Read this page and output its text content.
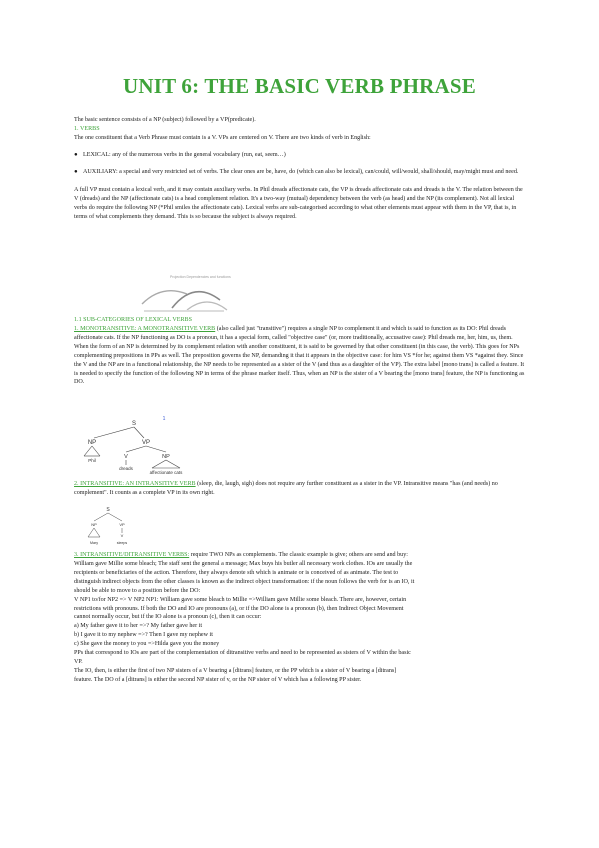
UNIT 6: THE BASIC VERB PHRASE

The basic sentence consists of a NP (subject) followed by a VP(predicate).

1. VERBS

The one constituent that a Verb Phrase must contain is a V. VPs are centered on V. There are two kinds of verb in English:

● LEXICAL: any of the numerous verbs in the general vocabulary (run, eat, seem…)

● AUXILIARY: a special and very restricted set of verbs. The clear ones are be, have, do (which can also be lexical), can/could, will/would, shall/should, may/might must and need.

A full VP must contain a lexical verb, and it may contain auxiliary verbs. In Phil dreads affectionate cats, the VP is dreads affectionate cats and dreads is the V. The relation between the V (dreads) and the NP (affectionate cats) is a head complement relation. It's a two-way (mutual) dependency between the verb (as head) and the NP (its complement). Not all lexical verbs do require the following NP (*Phil smiles the affectionate cats). Lexical verbs are sub-categorised according to what other elements must appear with them in the VP, that is, in terms of what complements they demand. This is so because the subject is always required.

Projection Dependencies and functions

1.1 SUB-CATEGORIES OF LEXICAL VERBS

1. MONOTRANSITIVE: A MONOTRANSITIVE VERB (also called just "transitive") requires a single NP to complement it and which is said to function as its DO: Phil dreads affectionate cats. If the NP functioning as DO is a pronoun, it has a special form, called "objective case" (or, more traditionally, accusative case): Phil dreads me, her, him, us, them. When the form of an NP is determined by its complement relation with another constituent, it is said to be governed by that other constituent (in this case, the verb). This goes for NPs complementing prepositions in PPs as well. The preposition governs the NP, demanding it that it appears in the objective case: for him VS *for he; against them VS *against they. Since the V and the NP are in a functional relationship, the NP needs to be represented as a sister of the V (and thus as a daughter of the VP). The extra label [mono trans] is called a feature. It is needed to specify the function of the following NP in terms of the phrase marker itself. Thus, when an NP is the sister of a V bearing the [mono trans] feature, the NP is functioning as DO.

S
NP	VP
Phil
V	NP
dreads
affectionate cats
1

2. INTRANSITIVE: AN INTRANSITIVE VERB (sleep, die, laugh, sigh) does not require any further constituent as a sister in the VP. Intransitive means "has (and needs) no complement". It counts as a complete VP in its own right.

S
NP	VP
V
Mary	sleeps

3. INTRANSITIVE/DITRANSITIVE VERBS: require TWO NPs as complements. The classic example is give; others are send and buy:

William gave Millie some bleach; The staff sent the general a message; Max buys his butler all necessary work clothes. IOs are usually the
recipients or beneficiaries of the action. Therefore, they always denote sth which is animate or is conceived of as animate. The test to
distinguish indirect objects from the other classes is known as the indirect object transformation: if the noun follows the verb for is an IO, it
should be able to move to a position before the DO:
V NP1 to/for NP2 => V NP2 NP1: William gave some bleach to Millie =>William gave Millie some bleach. There are, however, certain
restrictions with pronouns. If both the DO and IO are pronouns (a), or if the DO alone is a pronoun (b), then Indirect Object Movement
cannot normally occur, but if the IO alone is a pronoun (c), then it can occur:
a) My father gave it to her =>? My father gave her it
b) I gave it to my nephew =>? Then I gave my nephew it
c) She gave the money to you =>Hilda gave you the money
PPs that correspond to IOs are part of the complementation of ditransitive verbs and need to be represented as sisters of V within the basic
VP.
The IO, then, is either the first of two NP sisters of a V bearing a [ditrans] feature, or the PP which is a sister of V bearing a [ditrans]
feature. The DO of a [ditrans] is either the second NP sister of v, or the NP sister of V which has a following PP sister.
